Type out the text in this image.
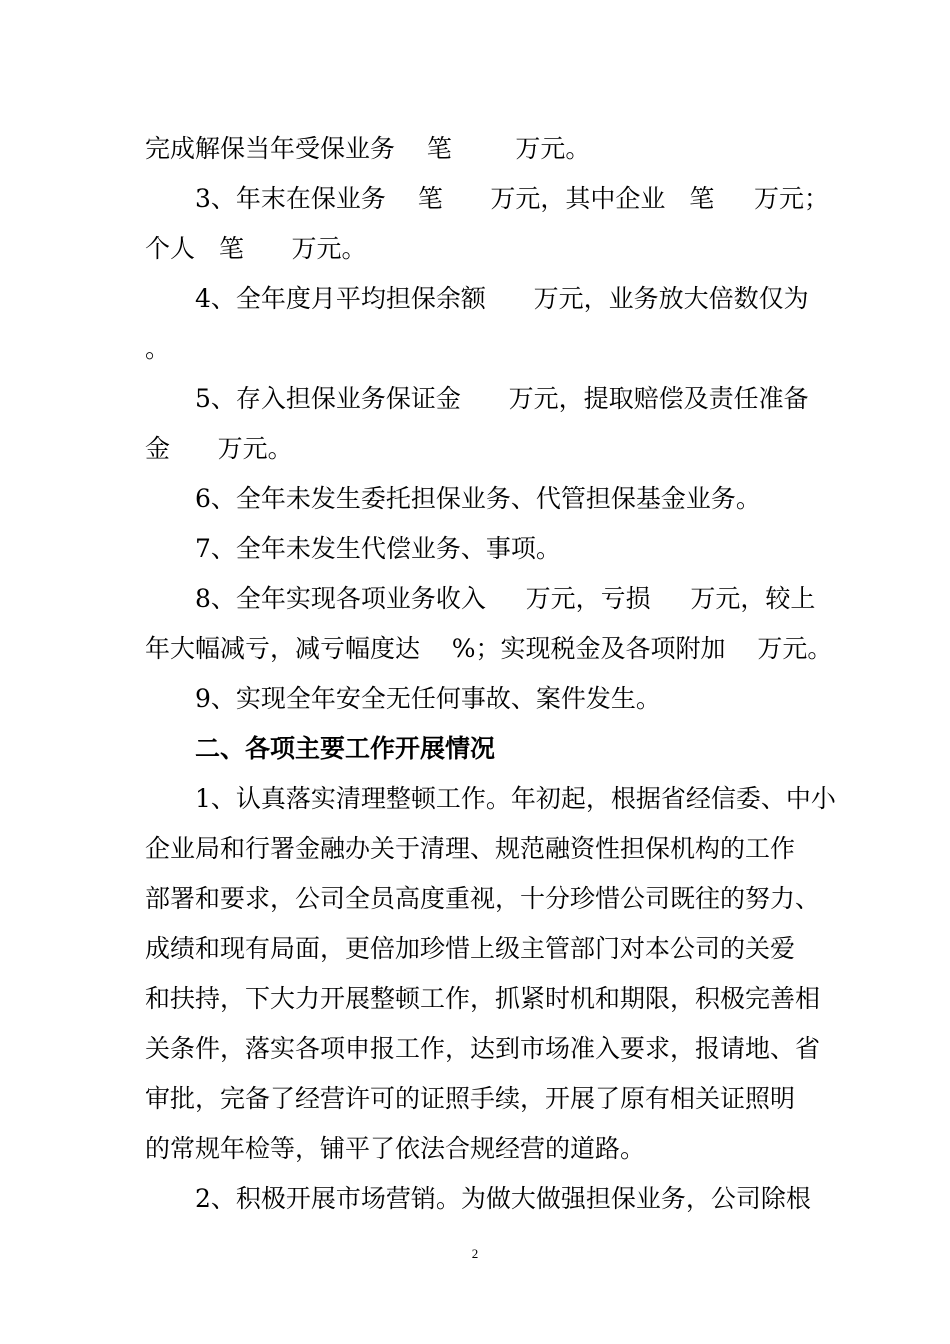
完成解保当年受保业务    笔        万元。
3、年末在保业务    笔      万元，其中企业   笔     万元；
个人   笔      万元。
4、全年度月平均担保余额      万元，业务放大倍数仅为
。
5、存入担保业务保证金      万元，提取赔偿及责任准备
金      万元。
6、全年未发生委托担保业务、代管担保基金业务。
7、全年未发生代偿业务、事项。
8、全年实现各项业务收入     万元，亏损     万元，较上
年大幅减亏，减亏幅度达    %；实现税金及各项附加    万元。
9、实现全年安全无任何事故、案件发生。
二、各项主要工作开展情况
1、认真落实清理整顿工作。年初起，根据省经信委、中小
企业局和行署金融办关于清理、规范融资性担保机构的工作
部署和要求，公司全员高度重视，十分珍惜公司既往的努力、
成绩和现有局面，更倍加珍惜上级主管部门对本公司的关爱
和扶持，下大力开展整顿工作，抓紧时机和期限，积极完善相
关条件，落实各项申报工作，达到市场准入要求，报请地、省
审批，完备了经营许可的证照手续，开展了原有相关证照明
的常规年检等，铺平了依法合规经营的道路。
2、积极开展市场营销。为做大做强担保业务，公司除根
2
